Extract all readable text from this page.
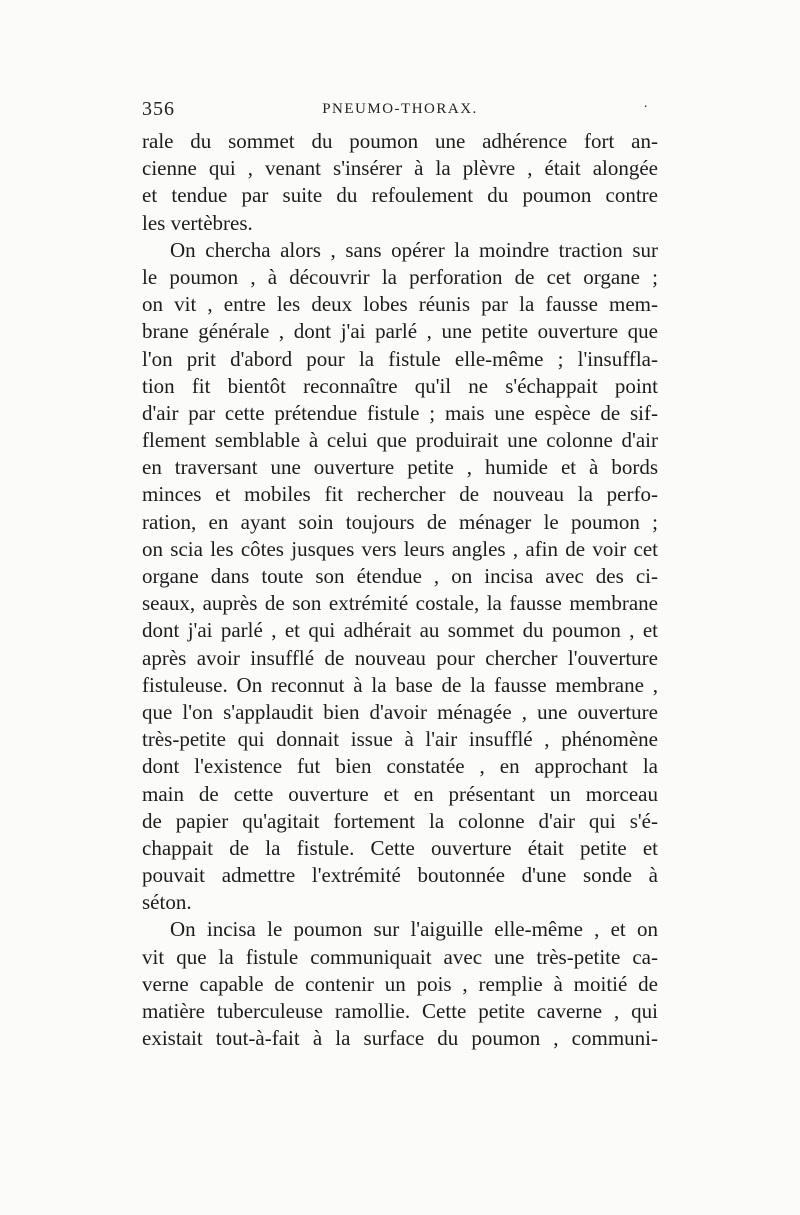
356	PNEUMO-THORAX.	·
rale du sommet du poumon une adhérence fort an-
cienne qui , venant s'insérer à la plèvre , était alongée
et tendue par suite du refoulement du poumon contre
les vertèbres.
On chercha alors , sans opérer la moindre traction sur
le poumon , à découvrir la perforation de cet organe ;
on vit , entre les deux lobes réunis par la fausse mem-
brane générale , dont j'ai parlé , une petite ouverture que
l'on prit d'abord pour la fistule elle-même ; l'insuffla-
tion fit bientôt reconnaître qu'il ne s'échappait point
d'air par cette prétendue fistule ; mais une espèce de sif-
flement semblable à celui que produirait une colonne d'air
en traversant une ouverture petite , humide et à bords
minces et mobiles fit rechercher de nouveau la perfo-
ration, en ayant soin toujours de ménager le poumon ;
on scia les côtes jusques vers leurs angles , afin de voir cet
organe dans toute son étendue , on incisa avec des ci-
seaux, auprès de son extrémité costale, la fausse membrane
dont j'ai parlé , et qui adhérait au sommet du poumon , et
après avoir insufflé de nouveau pour chercher l'ouverture
fistuleuse. On reconnut à la base de la fausse membrane ,
que l'on s'applaudit bien d'avoir ménagée , une ouverture
très-petite qui donnait issue à l'air insufflé , phénomène
dont l'existence fut bien constatée , en approchant la
main de cette ouverture et en présentant un morceau
de papier qu'agitait fortement la colonne d'air qui s'é-
chappait de la fistule. Cette ouverture était petite et
pouvait admettre l'extrémité boutonnée d'une sonde à
séton.
On incisa le poumon sur l'aiguille elle-même , et on
vit que la fistule communiquait avec une très-petite ca-
verne capable de contenir un pois , remplie à moitié de
matière tuberculeuse ramollie. Cette petite caverne , qui
existait tout-à-fait à la surface du poumon , communi-
